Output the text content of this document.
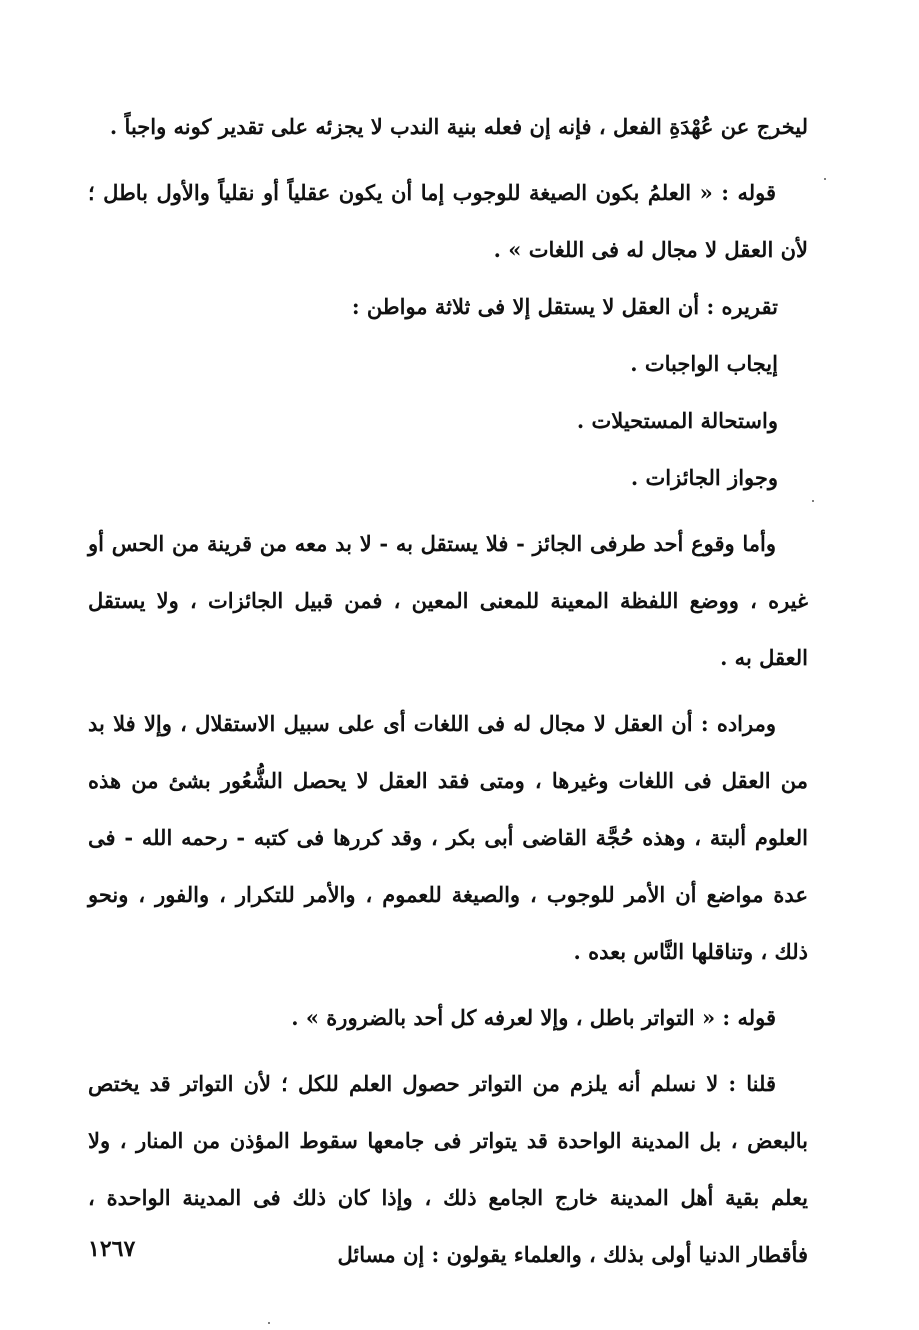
ليخرج عن عُهْدَةِ الفعل ، فإنه إن فعله بنية الندب لا يجزئه على تقدير كونه واجباً .

قوله : « العلمُ بكون الصيغة للوجوب إما أن يكون عقلياً أو نقلياً والأول باطل ؛ لأن العقل لا مجال له فى اللغات » .

تقريره : أن العقل لا يستقل إلا فى ثلاثة مواطن :

إيجاب الواجبات .

واستحالة المستحيلات .

وجواز الجائزات .

وأما وقوع أحد طرفى الجائز - فلا يستقل به - لا بد معه من قرينة من الحس أو غيره ، ووضع اللفظة المعينة للمعنى المعين ، فمن قبيل الجائزات ، ولا يستقل العقل به .

ومراده : أن العقل لا مجال له فى اللغات أى على سبيل الاستقلال ، وإلا فلا بد من العقل فى اللغات وغيرها ، ومتى فقد العقل لا يحصل الشُّعُور بشئ من هذه العلوم ألبتة ، وهذه حُجَّة القاضى أبى بكر ، وقد كررها فى كتبه - رحمه الله - فى عدة مواضع أن الأمر للوجوب ، والصيغة للعموم ، والأمر للتكرار ، والفور ، ونحو ذلك ، وتناقلها النَّاس بعده .

قوله : « التواتر باطل ، وإلا لعرفه كل أحد بالضرورة » .

قلنا : لا نسلم أنه يلزم من التواتر حصول العلم للكل ؛ لأن التواتر قد يختص بالبعض ، بل المدينة الواحدة قد يتواتر فى جامعها سقوط المؤذن من المنار ، ولا يعلم بقية أهل المدينة خارج الجامع ذلك ، وإذا كان ذلك فى المدينة الواحدة ، فأقطار الدنيا أولى بذلك ، والعلماء يقولون : إن مسائل

١٢٦٧
